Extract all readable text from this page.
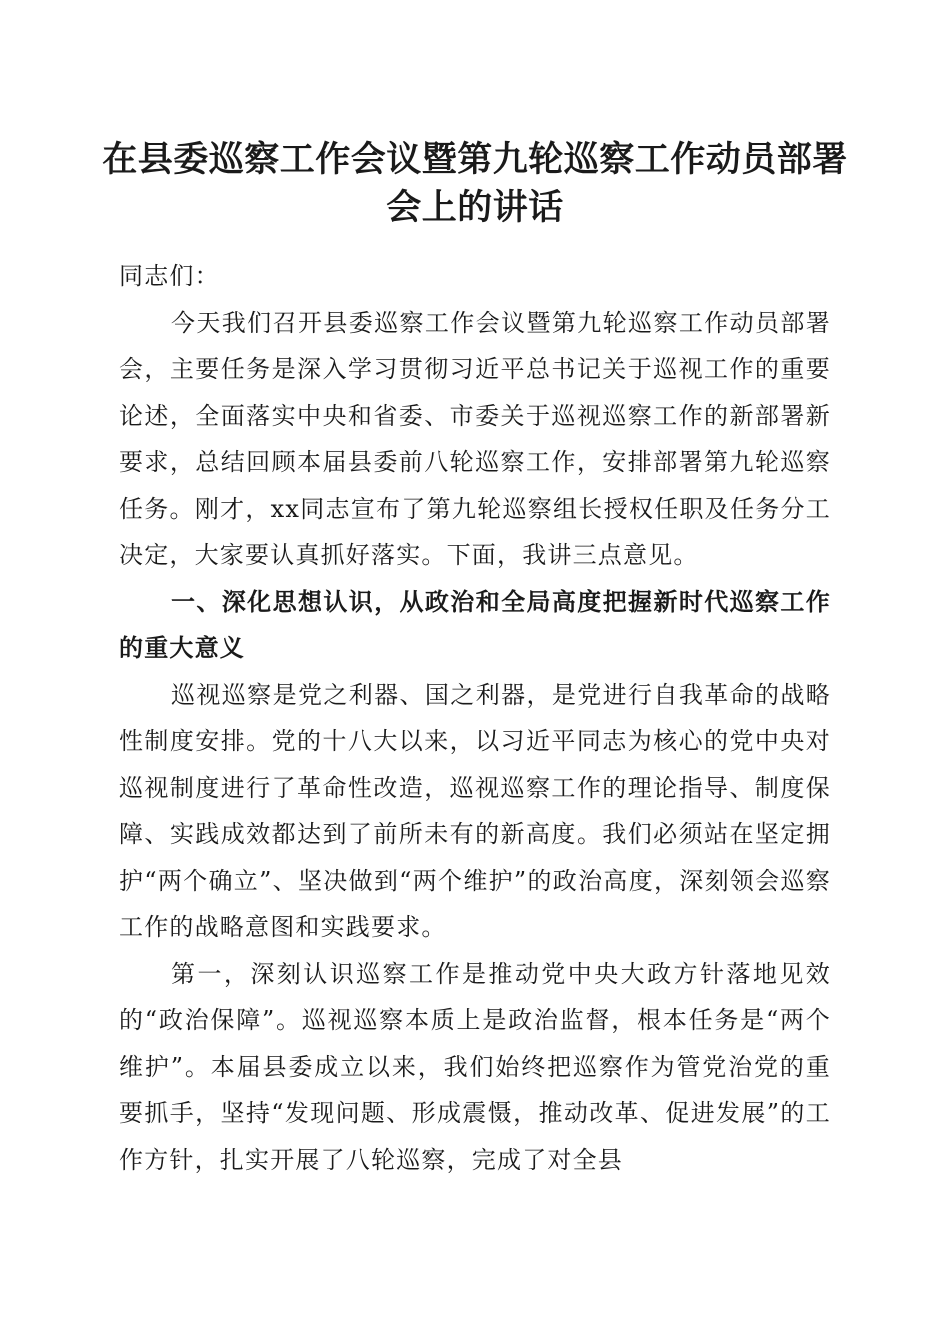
在县委巡察工作会议暨第九轮巡察工作动员部署会上的讲话

同志们：

今天我们召开县委巡察工作会议暨第九轮巡察工作动员部署会，主要任务是深入学习贯彻习近平总书记关于巡视工作的重要论述，全面落实中央和省委、市委关于巡视巡察工作的新部署新要求，总结回顾本届县委前八轮巡察工作，安排部署第九轮巡察任务。刚才，xx同志宣布了第九轮巡察组长授权任职及任务分工决定，大家要认真抓好落实。下面，我讲三点意见。

一、深化思想认识，从政治和全局高度把握新时代巡察工作的重大意义

巡视巡察是党之利器、国之利器，是党进行自我革命的战略性制度安排。党的十八大以来，以习近平同志为核心的党中央对巡视制度进行了革命性改造，巡视巡察工作的理论指导、制度保障、实践成效都达到了前所未有的新高度。我们必须站在坚定拥护“两个确立”、坚决做到“两个维护”的政治高度，深刻领会巡察工作的战略意图和实践要求。

第一，深刻认识巡察工作是推动党中央大政方针落地见效的“政治保障”。巡视巡察本质上是政治监督，根本任务是“两个维护”。本届县委成立以来，我们始终把巡察作为管党治党的重要抓手，坚持“发现问题、形成震慑，推动改革、促进发展”的工作方针，扎实开展了八轮巡察，完成了对全县
